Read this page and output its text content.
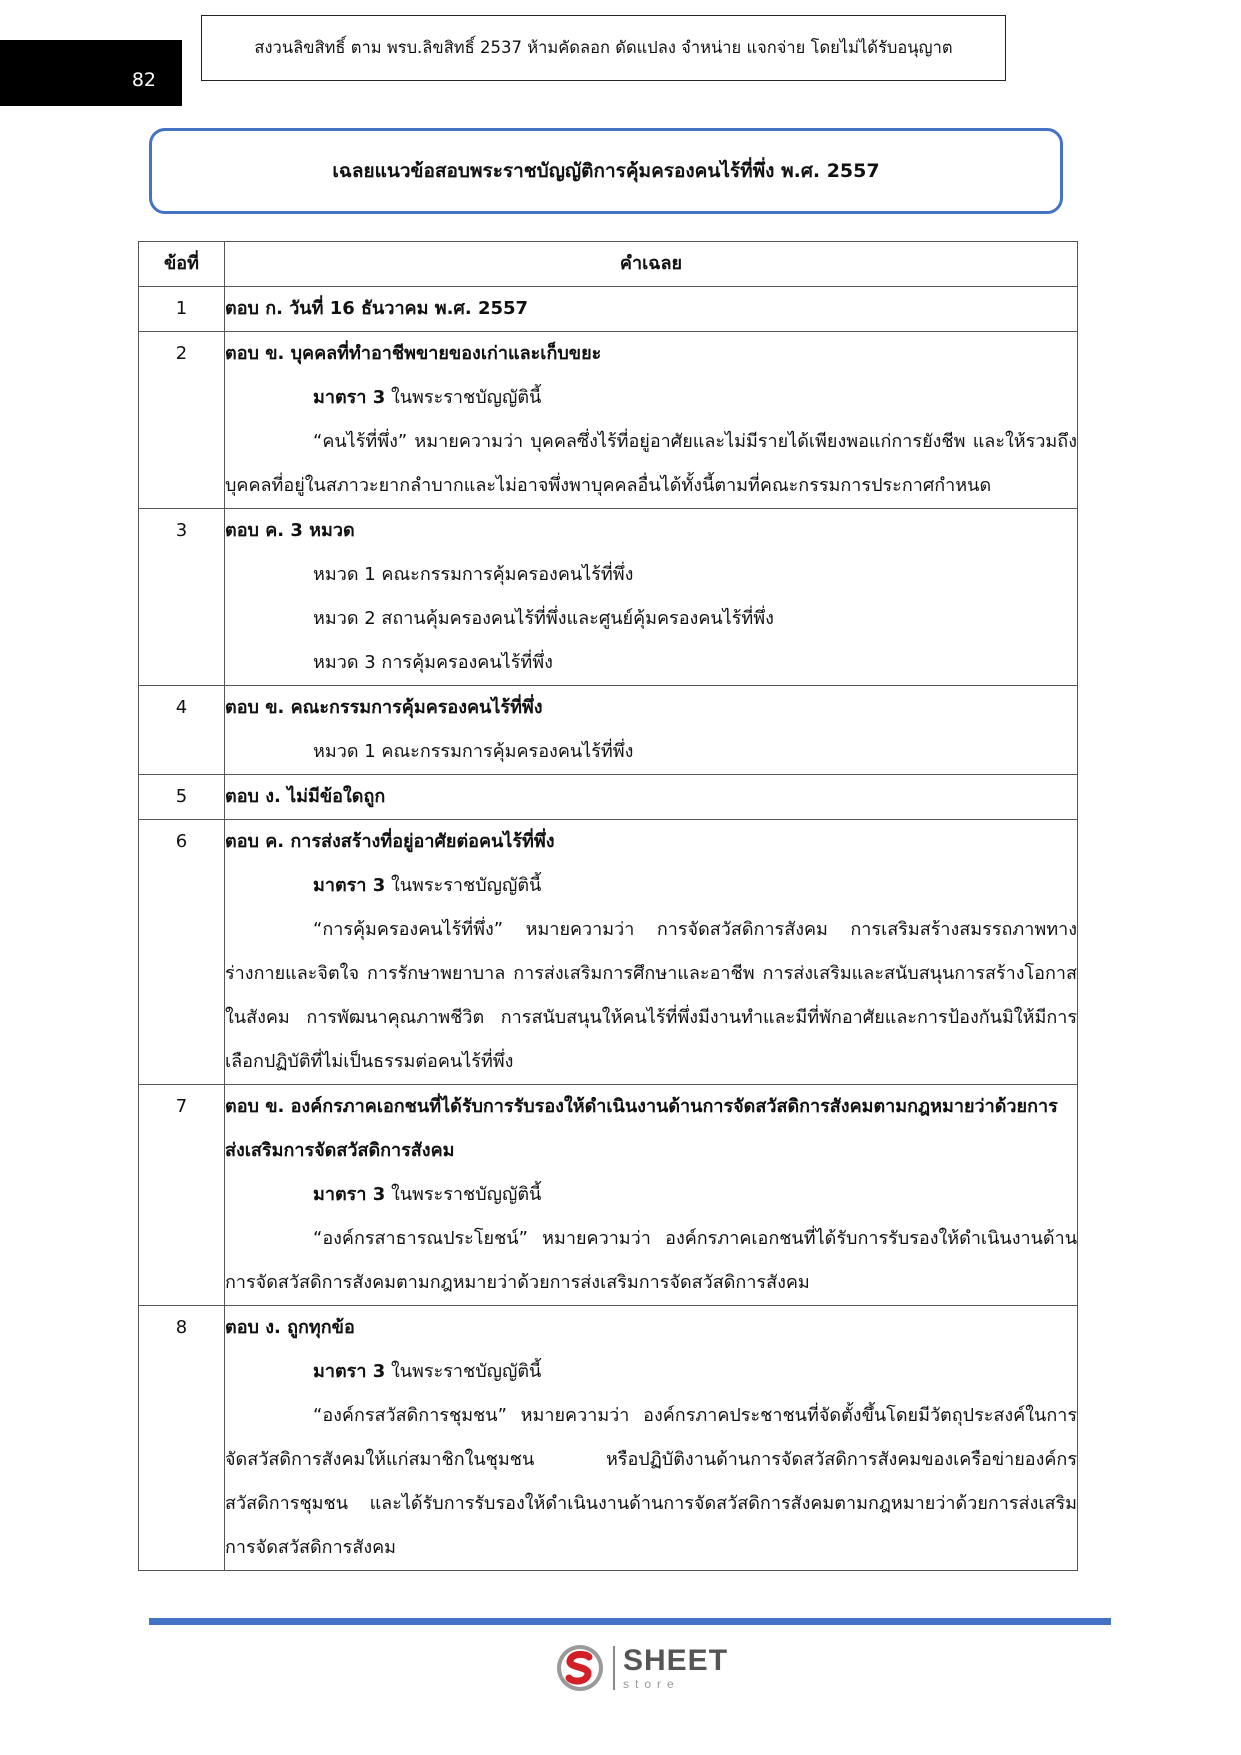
82
สงวนลิขสิทธิ์ ตาม พรบ.ลิขสิทธิ์ 2537 ห้ามคัดลอก ดัดแปลง จำหน่าย แจกจ่าย โดยไม่ได้รับอนุญาต
เฉลยแนวข้อสอบพระราชบัญญัติการคุ้มครองคนไร้ที่พึ่ง พ.ศ. 2557
ข้อที่	คำเฉลย
1	ตอบ ก. วันที่ 16 ธันวาคม พ.ศ. 2557

2	ตอบ ข. บุคคลที่ทำอาชีพขายของเก่าและเก็บขยะ
มาตรา 3 ในพระราชบัญญัตินี้
“คนไร้ที่พึ่ง” หมายความว่า บุคคลซึ่งไร้ที่อยู่อาศัยและไม่มีรายได้เพียงพอแก่การยังชีพ และให้รวมถึงบุคคลที่อยู่ในสภาวะยากลำบากและไม่อาจพึ่งพาบุคคลอื่นได้ทั้งนี้ตามที่คณะกรรมการประกาศกำหนด

3	ตอบ ค. 3 หมวด
หมวด 1 คณะกรรมการคุ้มครองคนไร้ที่พึ่ง
หมวด 2 สถานคุ้มครองคนไร้ที่พึ่งและศูนย์คุ้มครองคนไร้ที่พึ่ง
หมวด 3 การคุ้มครองคนไร้ที่พึ่ง

4	ตอบ ข. คณะกรรมการคุ้มครองคนไร้ที่พึ่ง
หมวด 1 คณะกรรมการคุ้มครองคนไร้ที่พึ่ง

5	ตอบ ง. ไม่มีข้อใดถูก

6	ตอบ ค. การส่งสร้างที่อยู่อาศัยต่อคนไร้ที่พึ่ง
มาตรา 3 ในพระราชบัญญัตินี้
“การคุ้มครองคนไร้ที่พึ่ง” หมายความว่า การจัดสวัสดิการสังคม การเสริมสร้างสมรรถภาพทางร่างกายและจิตใจ การรักษาพยาบาล การส่งเสริมการศึกษาและอาชีพ การส่งเสริมและสนับสนุนการสร้างโอกาสในสังคม การพัฒนาคุณภาพชีวิต การสนับสนุนให้คนไร้ที่พึ่งมีงานทำและมีที่พักอาศัยและการป้องกันมิให้มีการเลือกปฏิบัติที่ไม่เป็นธรรมต่อคนไร้ที่พึ่ง

7	ตอบ ข. องค์กรภาคเอกชนที่ได้รับการรับรองให้ดำเนินงานด้านการจัดสวัสดิการสังคมตามกฎหมายว่าด้วยการส่งเสริมการจัดสวัสดิการสังคม
มาตรา 3 ในพระราชบัญญัตินี้
“องค์กรสาธารณประโยชน์” หมายความว่า องค์กรภาคเอกชนที่ได้รับการรับรองให้ดำเนินงานด้านการจัดสวัสดิการสังคมตามกฎหมายว่าด้วยการส่งเสริมการจัดสวัสดิการสังคม

8	ตอบ ง. ถูกทุกข้อ
มาตรา 3 ในพระราชบัญญัตินี้
“องค์กรสวัสดิการชุมชน” หมายความว่า องค์กรภาคประชาชนที่จัดตั้งขึ้นโดยมีวัตถุประสงค์ในการจัดสวัสดิการสังคมให้แก่สมาชิกในชุมชน หรือปฏิบัติงานด้านการจัดสวัสดิการสังคมของเครือข่ายองค์กรสวัสดิการชุมชน และได้รับการรับรองให้ดำเนินงานด้านการจัดสวัสดิการสังคมตามกฎหมายว่าด้วยการส่งเสริมการจัดสวัสดิการสังคม
SHEET
store
